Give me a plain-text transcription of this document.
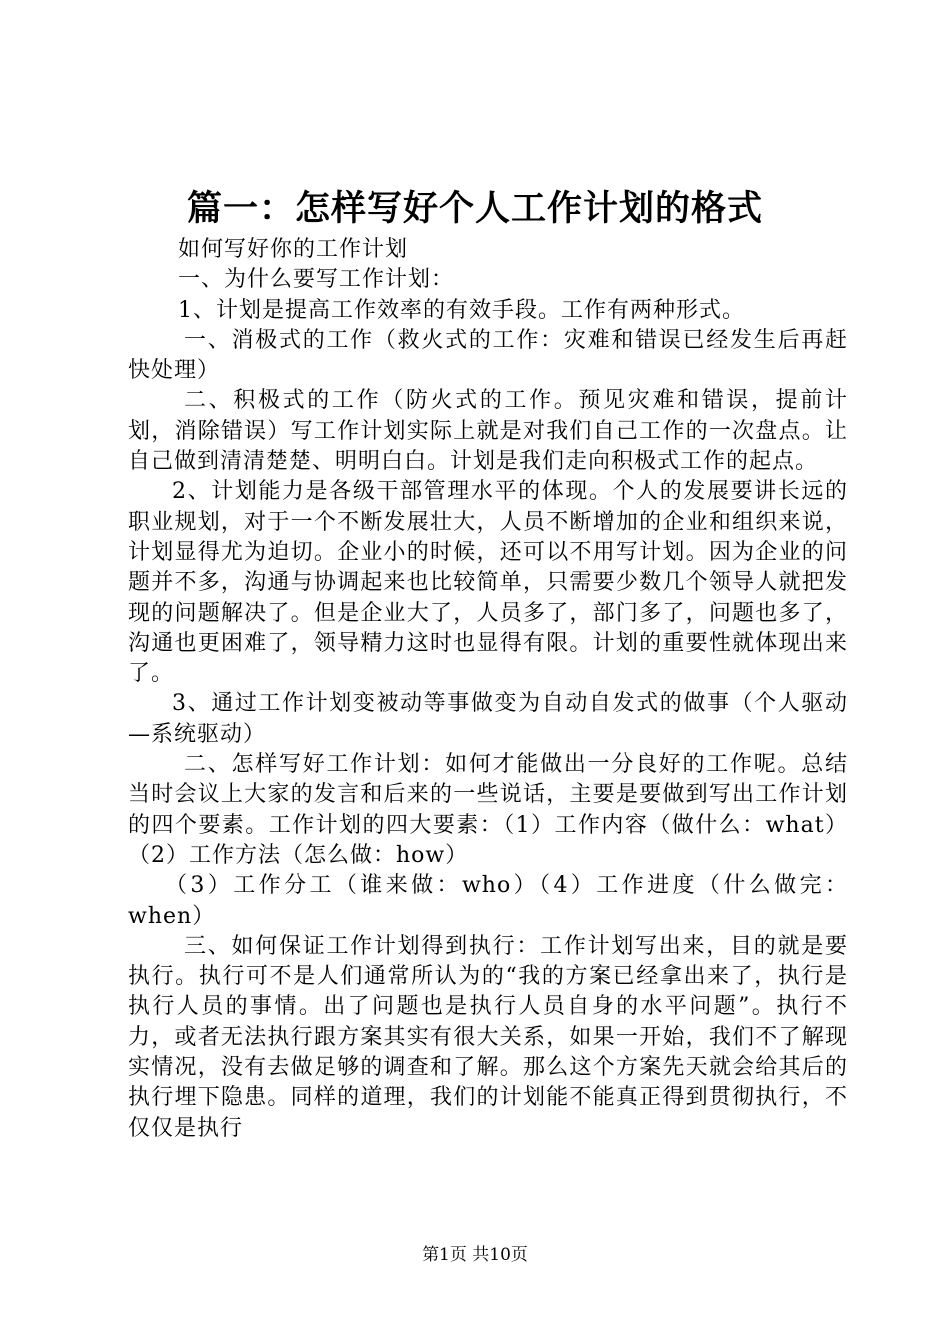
篇一：怎样写好个人工作计划的格式

如何写好你的工作计划

一、为什么要写工作计划：

1、计划是提高工作效率的有效手段。工作有两种形式。

一、消极式的工作（救火式的工作：灾难和错误已经发生后再赶快处理）

二、积极式的工作（防火式的工作。预见灾难和错误，提前计划，消除错误）写工作计划实际上就是对我们自己工作的一次盘点。让自己做到清清楚楚、明明白白。计划是我们走向积极式工作的起点。

2、计划能力是各级干部管理水平的体现。个人的发展要讲长远的职业规划，对于一个不断发展壮大，人员不断增加的企业和组织来说，计划显得尤为迫切。企业小的时候，还可以不用写计划。因为企业的问题并不多，沟通与协调起来也比较简单，只需要少数几个领导人就把发现的问题解决了。但是企业大了，人员多了，部门多了，问题也多了，沟通也更困难了，领导精力这时也显得有限。计划的重要性就体现出来了。

3、通过工作计划变被动等事做变为自动自发式的做事（个人驱动—系统驱动）

二、怎样写好工作计划：如何才能做出一分良好的工作呢。总结当时会议上大家的发言和后来的一些说话，主要是要做到写出工作计划的四个要素。工作计划的四大要素：（1）工作内容（做什么：what）（2）工作方法（怎么做：how）

（3）工作分工（谁来做：who）（4）工作进度（什么做完：when）

三、如何保证工作计划得到执行：工作计划写出来，目的就是要执行。执行可不是人们通常所认为的“我的方案已经拿出来了，执行是执行人员的事情。出了问题也是执行人员自身的水平问题”。执行不力，或者无法执行跟方案其实有很大关系，如果一开始，我们不了解现实情况，没有去做足够的调查和了解。那么这个方案先天就会给其后的执行埋下隐患。同样的道理，我们的计划能不能真正得到贯彻执行，不仅仅是执行

第1页 共10页
